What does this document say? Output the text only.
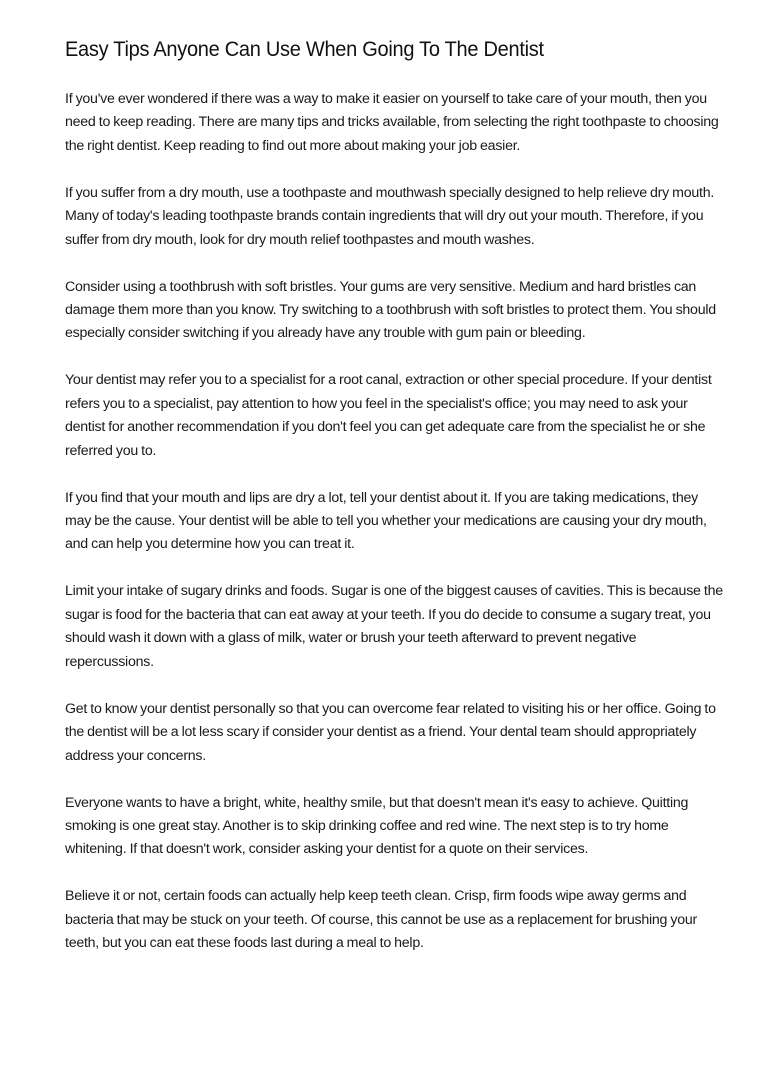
Easy Tips Anyone Can Use When Going To The Dentist

If you've ever wondered if there was a way to make it easier on yourself to take care of your mouth, then you need to keep reading. There are many tips and tricks available, from selecting the right toothpaste to choosing the right dentist. Keep reading to find out more about making your job easier.

If you suffer from a dry mouth, use a toothpaste and mouthwash specially designed to help relieve dry mouth. Many of today's leading toothpaste brands contain ingredients that will dry out your mouth. Therefore, if you suffer from dry mouth, look for dry mouth relief toothpastes and mouth washes.

Consider using a toothbrush with soft bristles. Your gums are very sensitive. Medium and hard bristles can damage them more than you know. Try switching to a toothbrush with soft bristles to protect them. You should especially consider switching if you already have any trouble with gum pain or bleeding.

Your dentist may refer you to a specialist for a root canal, extraction or other special procedure. If your dentist refers you to a specialist, pay attention to how you feel in the specialist's office; you may need to ask your dentist for another recommendation if you don't feel you can get adequate care from the specialist he or she referred you to.

If you find that your mouth and lips are dry a lot, tell your dentist about it. If you are taking medications, they may be the cause. Your dentist will be able to tell you whether your medications are causing your dry mouth, and can help you determine how you can treat it.

Limit your intake of sugary drinks and foods. Sugar is one of the biggest causes of cavities. This is because the sugar is food for the bacteria that can eat away at your teeth. If you do decide to consume a sugary treat, you should wash it down with a glass of milk, water or brush your teeth afterward to prevent negative repercussions.

Get to know your dentist personally so that you can overcome fear related to visiting his or her office. Going to the dentist will be a lot less scary if consider your dentist as a friend. Your dental team should appropriately address your concerns.

Everyone wants to have a bright, white, healthy smile, but that doesn't mean it's easy to achieve. Quitting smoking is one great stay. Another is to skip drinking coffee and red wine. The next step is to try home whitening. If that doesn't work, consider asking your dentist for a quote on their services.

Believe it or not, certain foods can actually help keep teeth clean. Crisp, firm foods wipe away germs and bacteria that may be stuck on your teeth. Of course, this cannot be use as a replacement for brushing your teeth, but you can eat these foods last during a meal to help.
